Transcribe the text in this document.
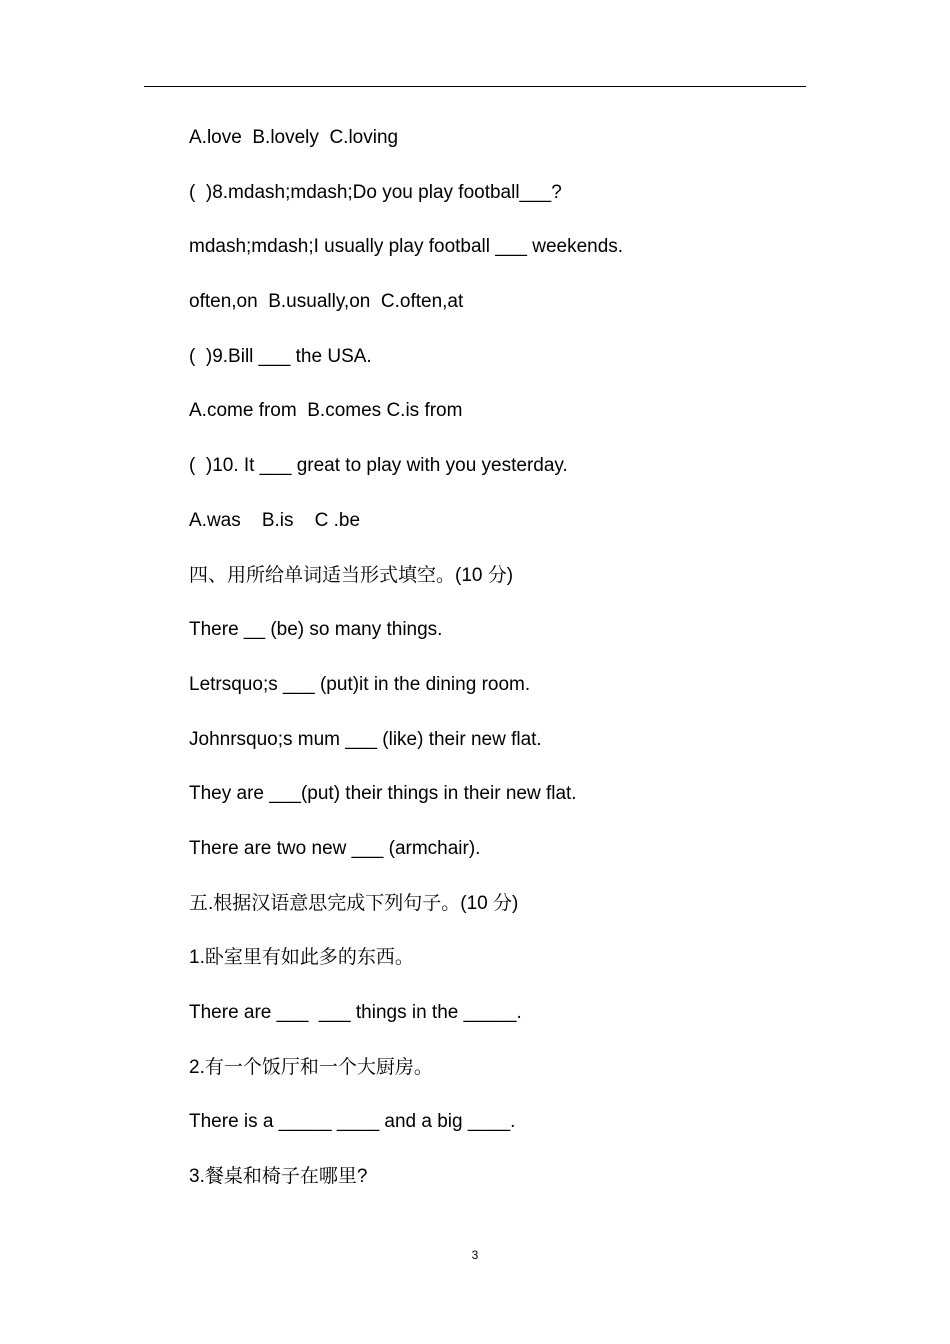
A.love  B.lovely  C.loving
(  )8.mdash;mdash;Do you play football___?
mdash;mdash;I usually play football ___ weekends.
often,on  B.usually,on  C.often,at
(  )9.Bill ___ the USA.
A.come from  B.comes C.is from
(  )10. It ___ great to play with you yesterday.
A.was    B.is    C .be
四、用所给单词适当形式填空。(10 分)
There __ (be) so many things.
Letrsquo;s ___ (put)it in the dining room.
Johnrsquo;s mum ___ (like) their new flat.
They are ___(put) their things in their new flat.
There are two new ___ (armchair).
五.根据汉语意思完成下列句子。(10 分)
1.卧室里有如此多的东西。
There are ___  ___ things in the _____.
2.有一个饭厅和一个大厨房。
There is a _____ ____ and a big ____.
3.餐桌和椅子在哪里?
3
